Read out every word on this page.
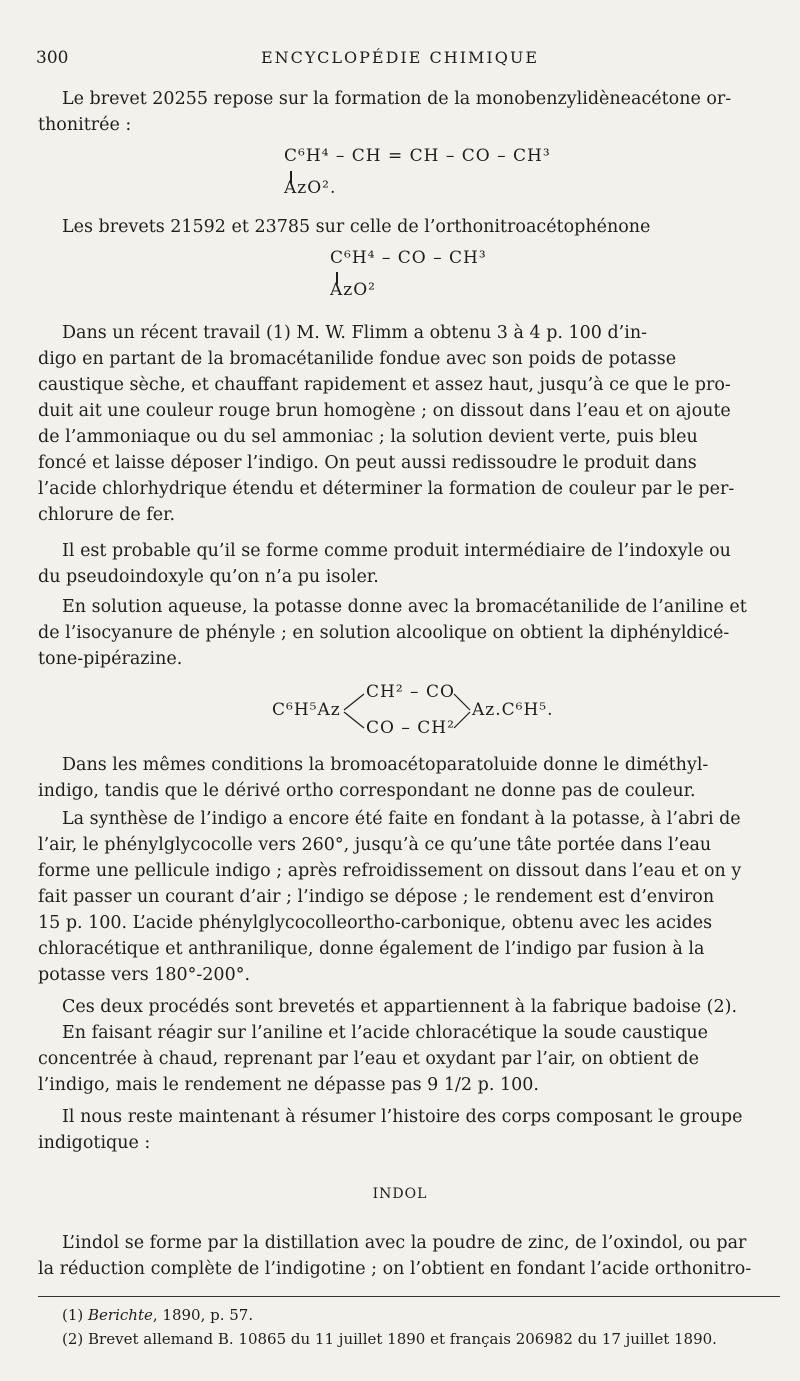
300	ENCYCLOPÉDIE CHIMIQUE
Le brevet 20255 repose sur la formation de la monobenzylidèneacétone or-
thonitrée :
C⁶H⁴ – CH = CH – CO – CH³
AzO².
Les brevets 21592 et 23785 sur celle de l’orthonitroacétophénone
C⁶H⁴ – CO – CH³
AzO²
Dans un récent travail (1) M. W. Flimm a obtenu 3 à 4 p. 100 d’in-
digo en partant de la bromacétanilide fondue avec son poids de potasse
caustique sèche, et chauffant rapidement et assez haut, jusqu’à ce que le pro-
duit ait une couleur rouge brun homogène ; on dissout dans l’eau et on ajoute
de l’ammoniaque ou du sel ammoniac ; la solution devient verte, puis bleu
foncé et laisse déposer l’indigo. On peut aussi redissoudre le produit dans
l’acide chlorhydrique étendu et déterminer la formation de couleur par le per-
chlorure de fer.
Il est probable qu’il se forme comme produit intermédiaire de l’indoxyle ou
du pseudoindoxyle qu’on n’a pu isoler.
En solution aqueuse, la potasse donne avec la bromacétanilide de l’aniline et
de l’isocyanure de phényle ; en solution alcoolique on obtient la diphényldicé-
tone-pipérazine.
C⁶H⁵Az
CH² – CO
CO – CH²
Az.C⁶H⁵.
Dans les mêmes conditions la bromoacétoparatoluide donne le diméthyl-
indigo, tandis que le dérivé ortho correspondant ne donne pas de couleur.
La synthèse de l’indigo a encore été faite en fondant à la potasse, à l’abri de
l’air, le phénylglycocolle vers 260°, jusqu’à ce qu’une tâte portée dans l’eau
forme une pellicule indigo ; après refroidissement on dissout dans l’eau et on y
fait passer un courant d’air ; l’indigo se dépose ; le rendement est d’environ
15 p. 100. L’acide phénylglycocolleortho-carbonique, obtenu avec les acides
chloracétique et anthranilique, donne également de l’indigo par fusion à la
potasse vers 180°-200°.
Ces deux procédés sont brevetés et appartiennent à la fabrique badoise (2).
En faisant réagir sur l’aniline et l’acide chloracétique la soude caustique
concentrée à chaud, reprenant par l’eau et oxydant par l’air, on obtient de
l’indigo, mais le rendement ne dépasse pas 9 1/2 p. 100.
Il nous reste maintenant à résumer l’histoire des corps composant le groupe
indigotique :
INDOL
L’indol se forme par la distillation avec la poudre de zinc, de l’oxindol, ou par
la réduction complète de l’indigotine ; on l’obtient en fondant l’acide orthonitro-
(1) Berichte, 1890, p. 57.
(2) Brevet allemand B. 10865 du 11 juillet 1890 et français 206982 du 17 juillet 1890.
